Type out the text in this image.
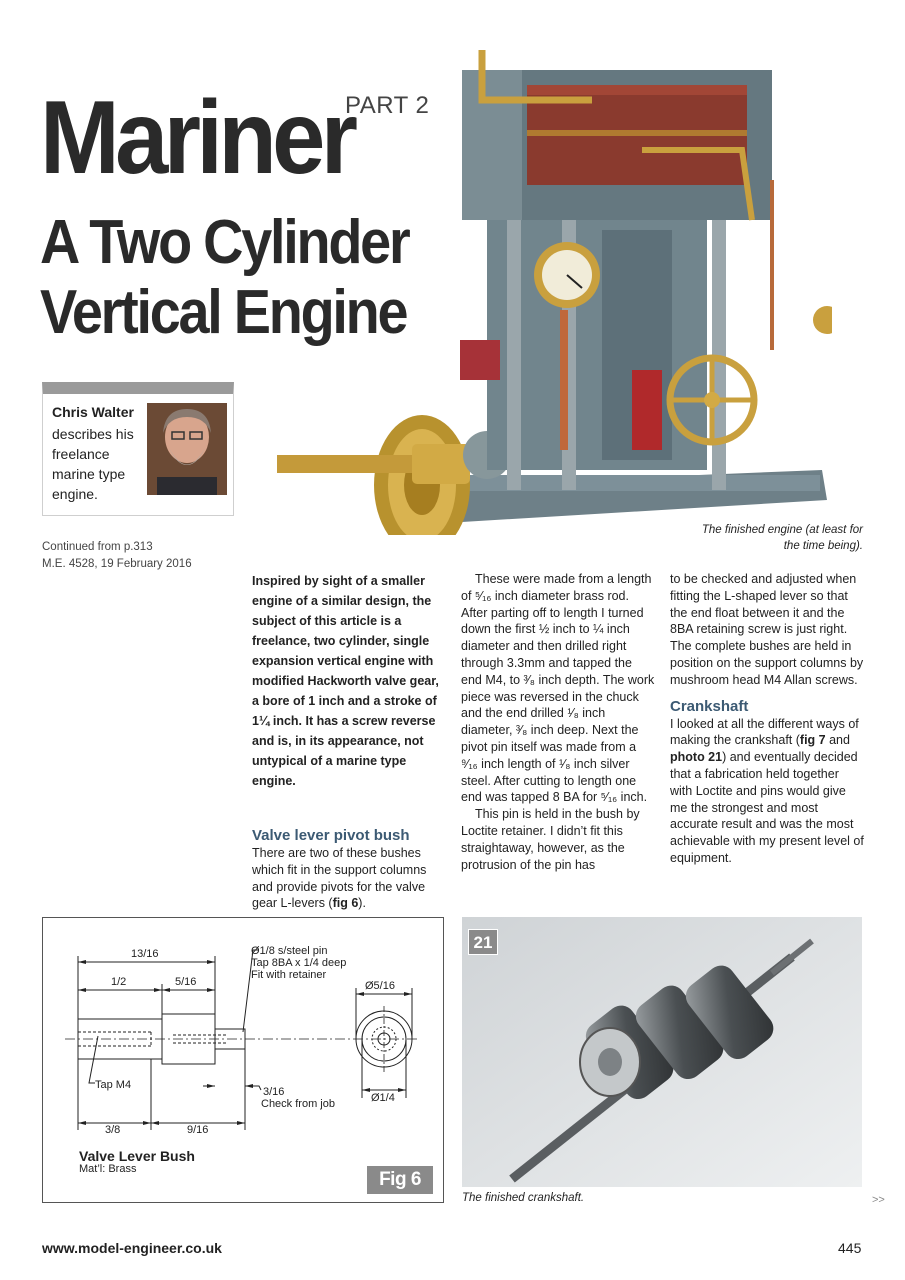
PART 2
Mariner
A Two Cylinder
Vertical Engine
The finished engine (at least for the time being).
Chris Walter
describes his freelance marine type engine.
Continued from p.313
M.E. 4528, 19 February 2016

Inspired by sight of a smaller engine of a similar design, the subject of this article is a freelance, two cylinder, single expansion vertical engine with modified Hackworth valve gear, a bore of 1 inch and a stroke of 1¼ inch. It has a screw reverse and is, in its appearance, not untypical of a marine type engine.

Valve lever pivot bush

There are two of these bushes which fit in the support columns and provide pivots for the valve gear L-levers (fig 6).

These were made from a length of ⁵⁄₁₆ inch diameter brass rod. After parting off to length I turned down the first ½ inch to ¼ inch diameter and then drilled right through 3.3mm and tapped the end M4, to ³⁄₈ inch depth. The work piece was reversed in the chuck and the end drilled ¹⁄₈ inch diameter, ³⁄₈ inch deep. Next the pivot pin itself was made from a ⁹⁄₁₆ inch length of ¹⁄₈ inch silver steel. After cutting to length one end was tapped 8 BA for ⁵⁄₁₆ inch.

This pin is held in the bush by Loctite retainer. I didn’t fit this straightaway, however, as the protrusion of the pin has

to be checked and adjusted when fitting the L-shaped lever so that the end float between it and the 8BA retaining screw is just right. The complete bushes are held in position on the support columns by mushroom head M4 Allan screws.

Crankshaft

I looked at all the different ways of making the crankshaft (fig 7 and photo 21) and eventually decided that a fabrication held together with Loctite and pins would give me the strongest and most accurate result and was the most achievable with my present level of equipment.

13/16
1/2	5/16
3/8	9/16
Ø5/16
Ø1/4
3/16
Ø1/8 s/steel pin
Tap 8BA x 1/4 deep
Fit with retainer
Tap M4
Check from job
Valve Lever Bush
Mat’l: Brass	Fig 6
21
The finished crankshaft.	>>
www.model-engineer.co.uk	445
